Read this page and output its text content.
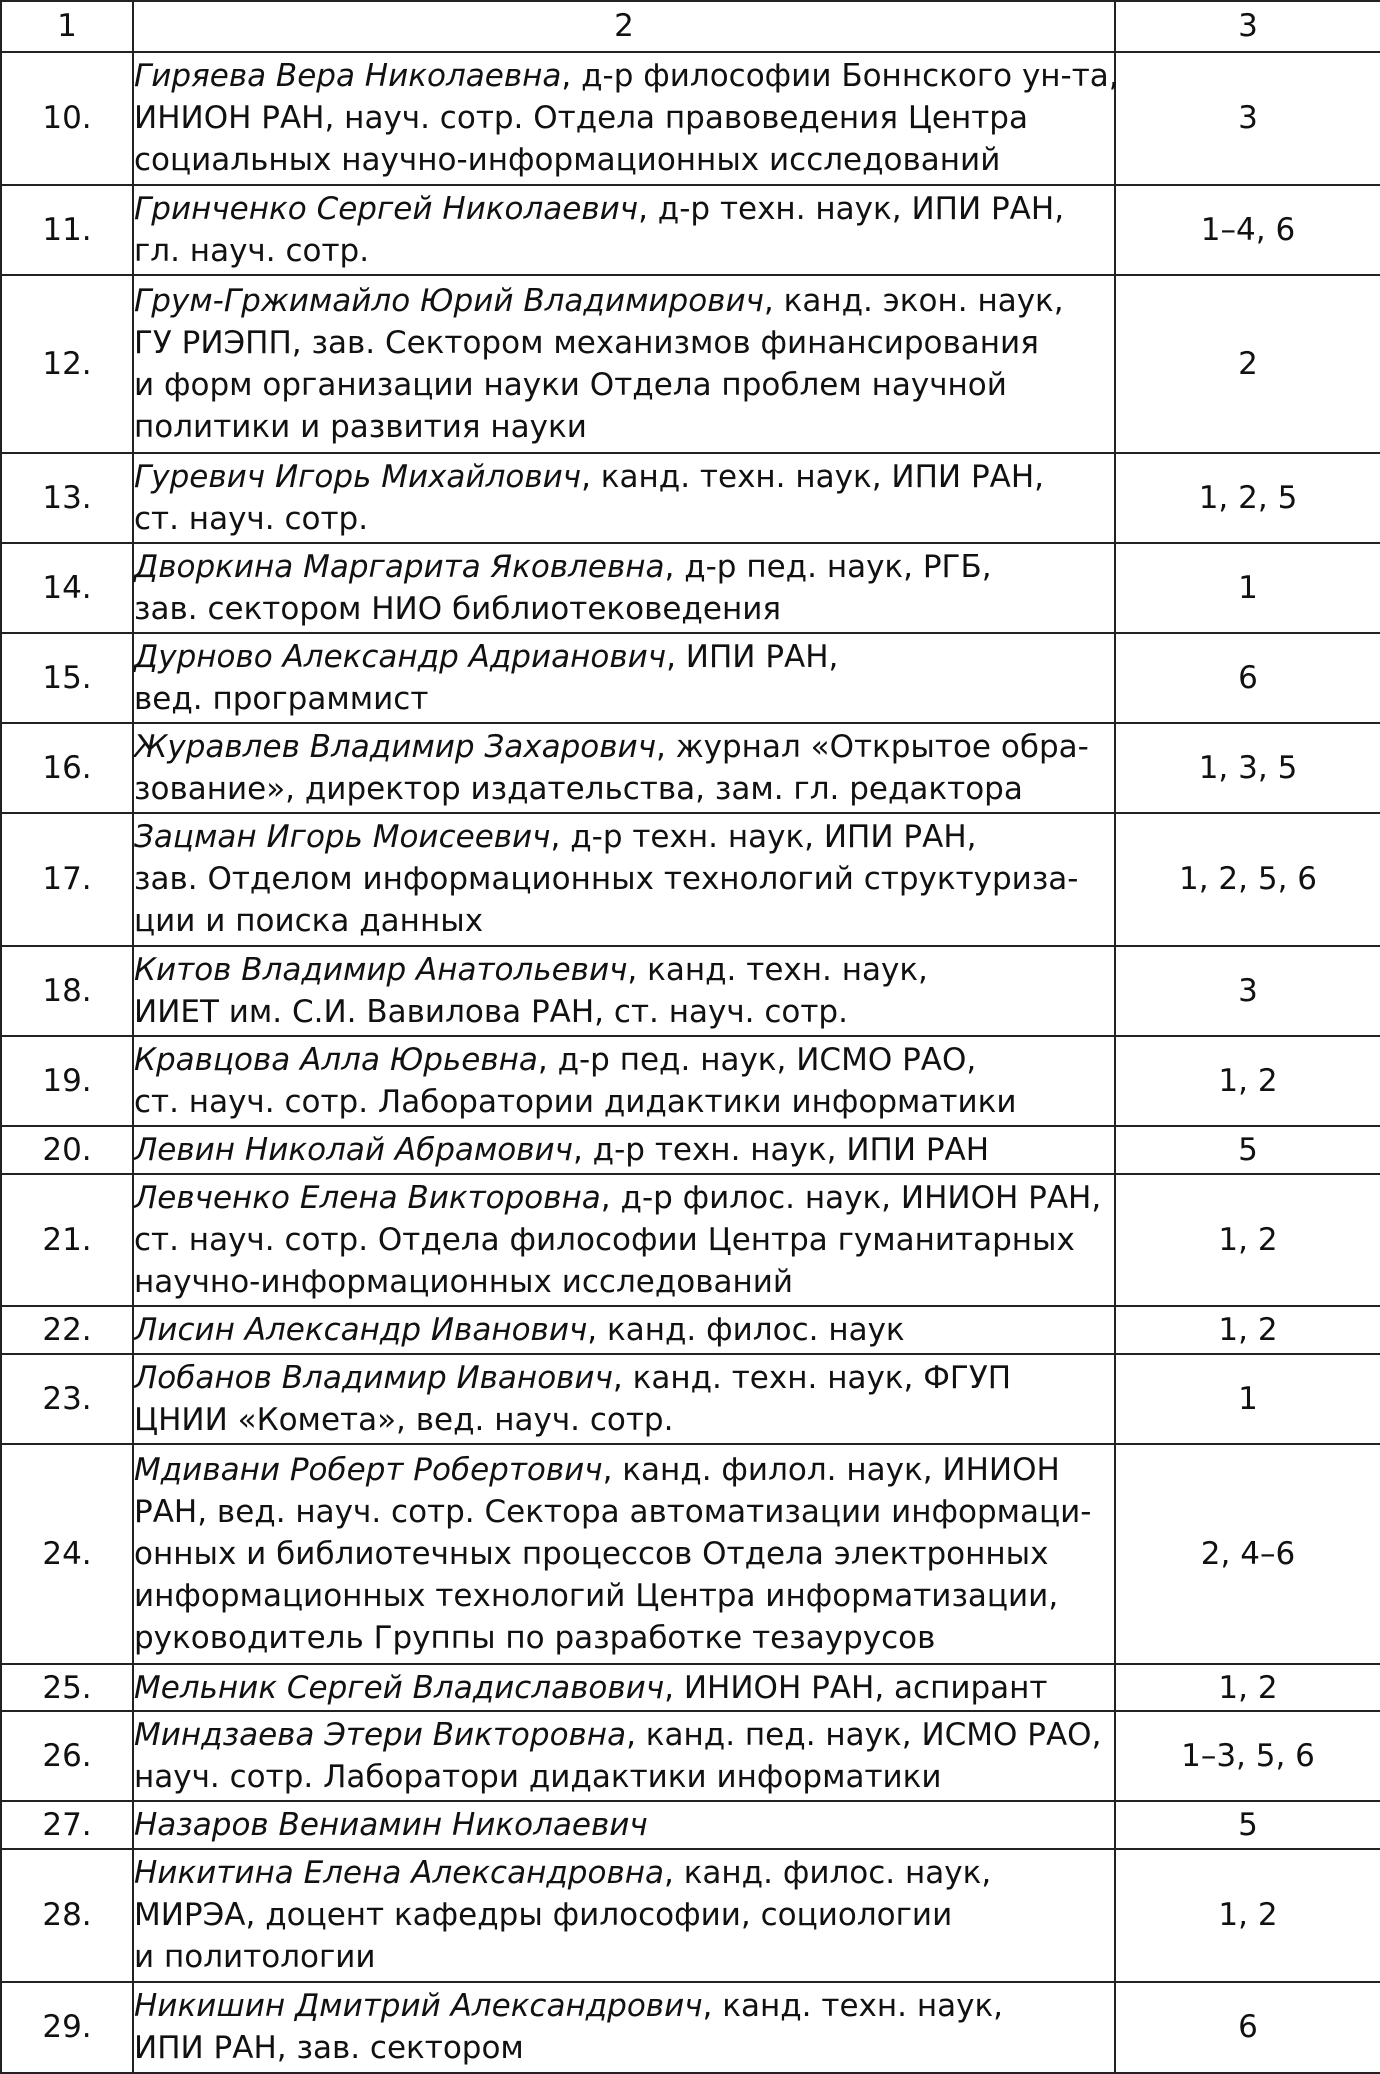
1	2	3
10.	Гиряева Вера Николаевна, д-р философии Боннского ун-та,
ИНИОН РАН, науч. сотр. Отдела правоведения Центра
социальных научно-информационных исследований	3
11.	Гринченко Сергей Николаевич, д-р техн. наук, ИПИ РАН,
гл. науч. сотр.	1–4, 6
12.	Грум-Гржимайло Юрий Владимирович, канд. экон. наук,
ГУ РИЭПП, зав. Сектором механизмов финансирования
и форм организации науки Отдела проблем научной
политики и развития науки	2
13.	Гуревич Игорь Михайлович, канд. техн. наук, ИПИ РАН,
ст. науч. сотр.	1, 2, 5
14.	Дворкина Маргарита Яковлевна, д-р пед. наук, РГБ,
зав. сектором НИО библиотековедения	1
15.	Дурново Александр Адрианович, ИПИ РАН,
вед. программист	6
16.	Журавлев Владимир Захарович, журнал «Открытое обра-
зование», директор издательства, зам. гл. редактора	1, 3, 5
17.	Зацман Игорь Моисеевич, д-р техн. наук, ИПИ РАН,
зав. Отделом информационных технологий структуриза-
ции и поиска данных	1, 2, 5, 6
18.	Китов Владимир Анатольевич, канд. техн. наук,
ИИЕТ им. С.И. Вавилова РАН, ст. науч. сотр.	3
19.	Кравцова Алла Юрьевна, д-р пед. наук, ИСМО РАО,
ст. науч. сотр. Лаборатории дидактики информатики	1, 2
20.	Левин Николай Абрамович, д-р техн. наук, ИПИ РАН	5
21.	Левченко Елена Викторовна, д-р филос. наук, ИНИОН РАН,
ст. науч. сотр. Отдела философии Центра гуманитарных
научно-информационных исследований	1, 2
22.	Лисин Александр Иванович, канд. филос. наук	1, 2
23.	Лобанов Владимир Иванович, канд. техн. наук, ФГУП
ЦНИИ «Комета», вед. науч. сотр.	1
24.	Мдивани Роберт Робертович, канд. филол. наук, ИНИОН
РАН, вед. науч. сотр. Сектора автоматизации информаци-
онных и библиотечных процессов Отдела электронных
информационных технологий Центра информатизации,
руководитель Группы по разработке тезаурусов	2, 4–6
25.	Мельник Сергей Владиславович, ИНИОН РАН, аспирант	1, 2
26.	Миндзаева Этери Викторовна, канд. пед. наук, ИСМО РАО,
науч. сотр. Лаборатори дидактики информатики	1–3, 5, 6
27.	Назаров Вениамин Николаевич	5
28.	Никитина Елена Александровна, канд. филос. наук,
МИРЭА, доцент кафедры философии, социологии
и политологии	1, 2
29.	Никишин Дмитрий Александрович, канд. техн. наук,
ИПИ РАН, зав. сектором	6
